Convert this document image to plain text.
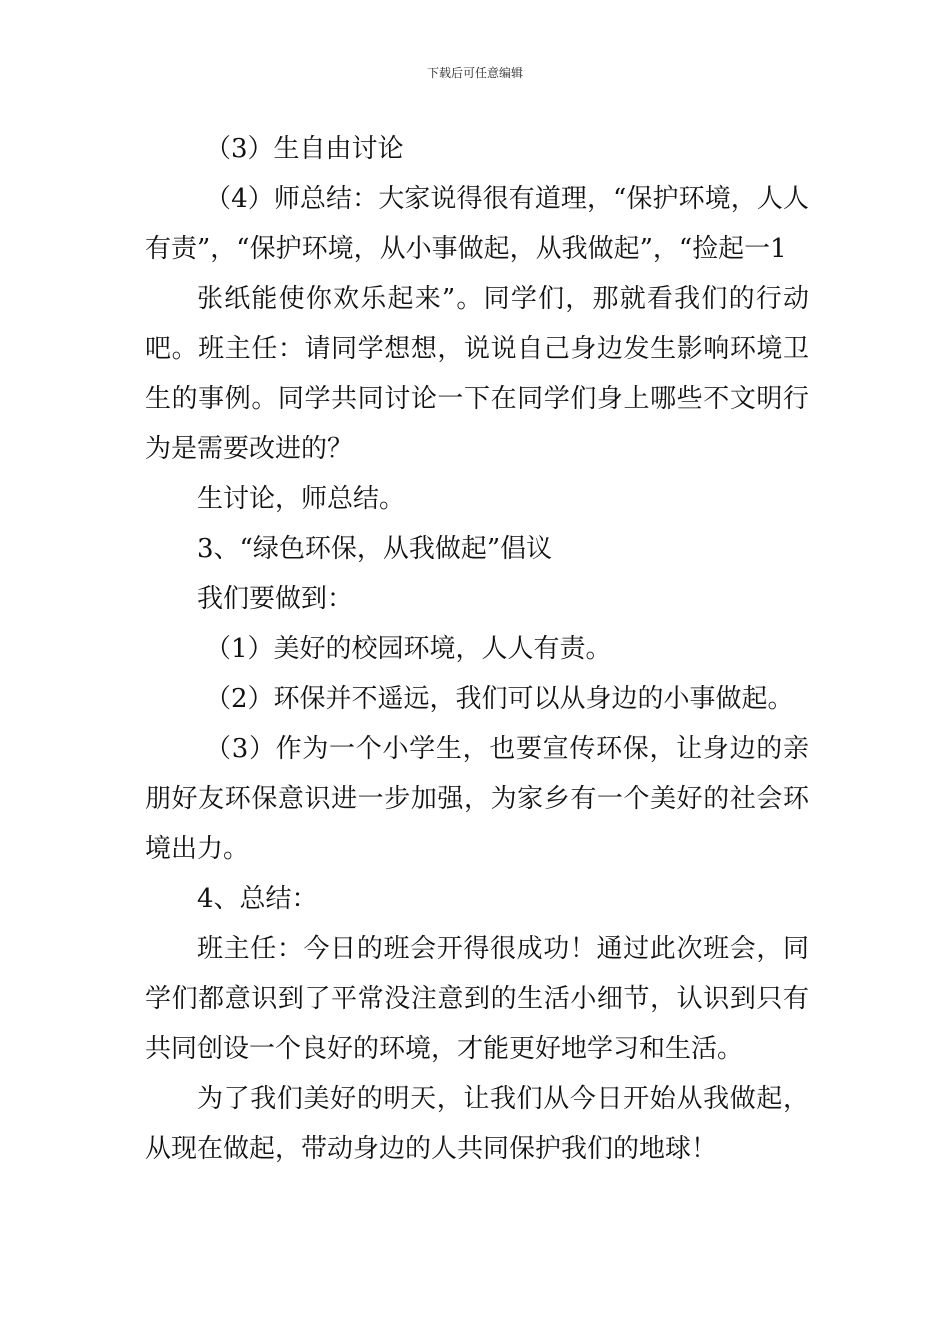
下载后可任意编辑

（3）生自由讨论

（4）师总结：大家说得很有道理，“保护环境，人人有责”，“保护环境，从小事做起，从我做起”，“捡起一1

张纸能使你欢乐起来”。同学们，那就看我们的行动吧。班主任：请同学想想，说说自己身边发生影响环境卫生的事例。同学共同讨论一下在同学们身上哪些不文明行为是需要改进的？

生讨论，师总结。

3、“绿色环保，从我做起”倡议

我们要做到：

（1）美好的校园环境，人人有责。

（2）环保并不遥远，我们可以从身边的小事做起。

（3）作为一个小学生，也要宣传环保，让身边的亲朋好友环保意识进一步加强，为家乡有一个美好的社会环境出力。

4、总结：

班主任：今日的班会开得很成功！通过此次班会，同学们都意识到了平常没注意到的生活小细节，认识到只有共同创设一个良好的环境，才能更好地学习和生活。

为了我们美好的明天，让我们从今日开始从我做起，从现在做起，带动身边的人共同保护我们的地球！
